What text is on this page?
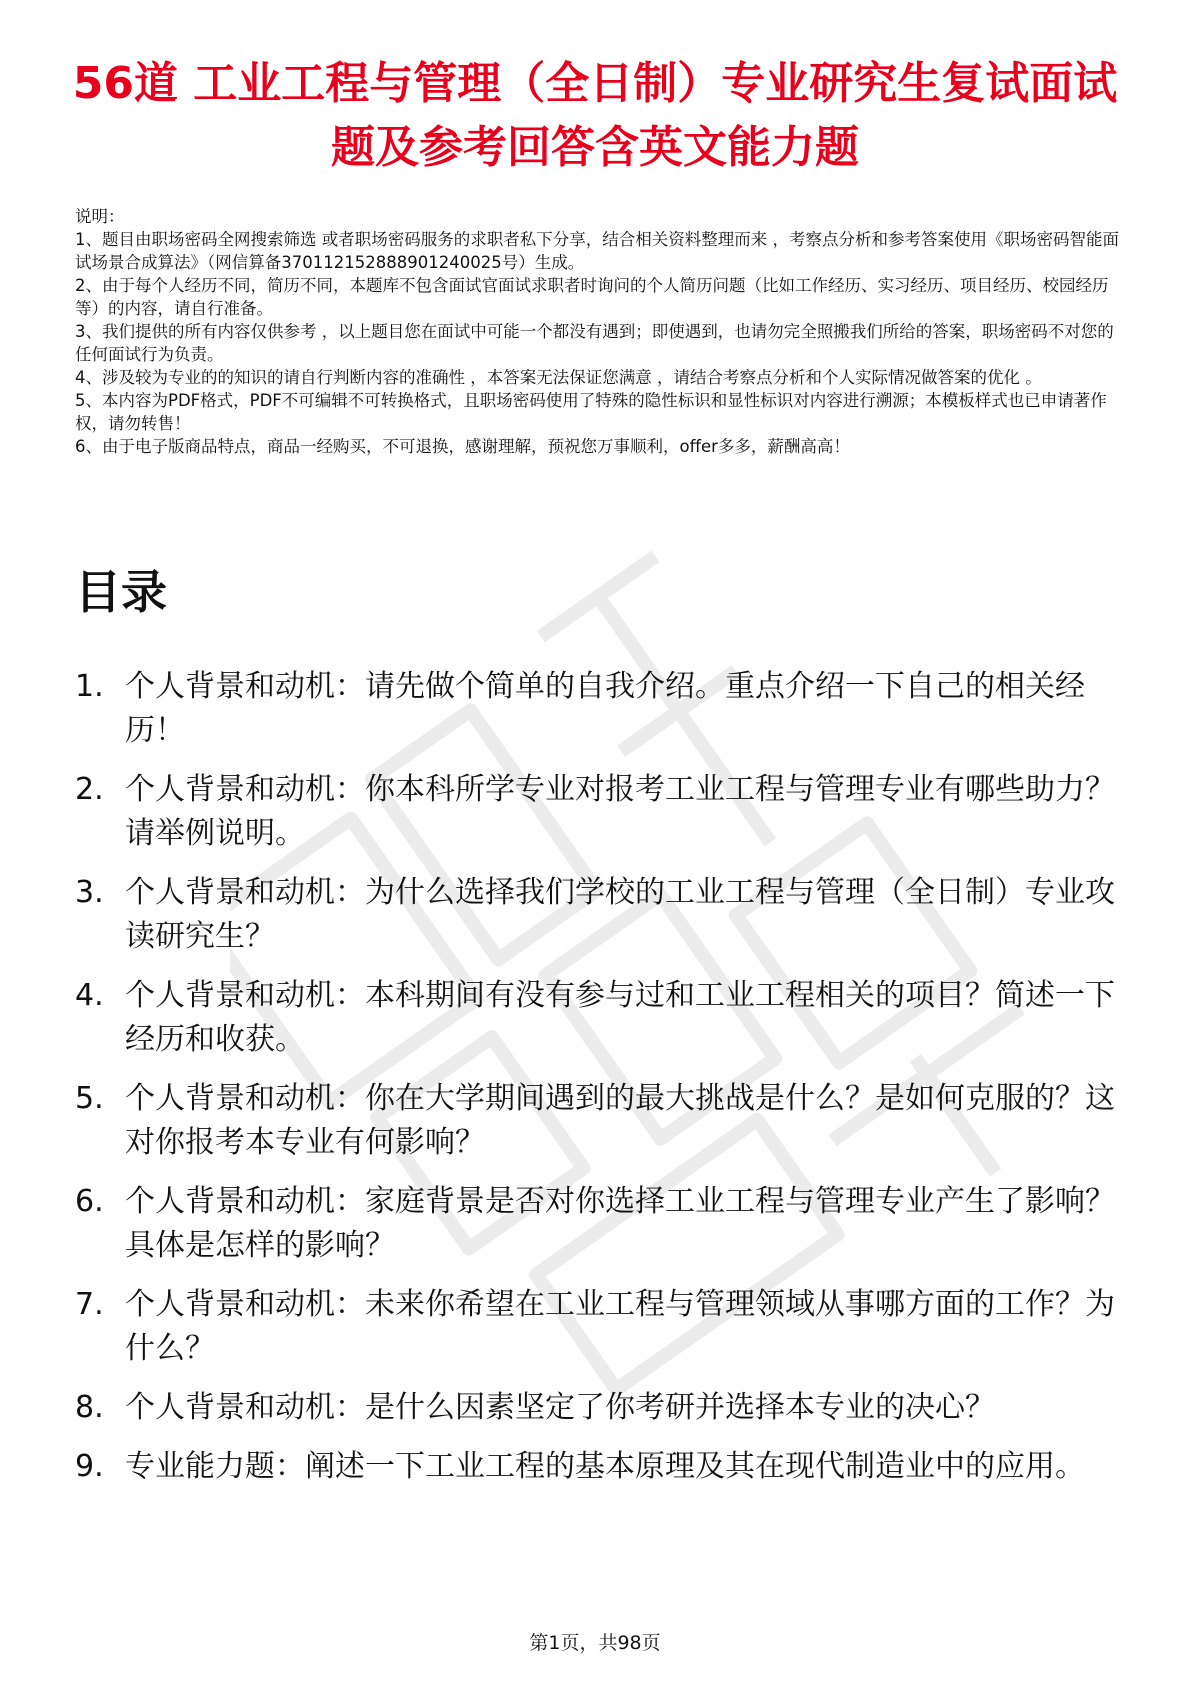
56道 工业工程与管理（全日制）专业研究生复试面试题及参考回答含英文能力题

说明：

1、题目由职场密码全网搜索筛选 或者职场密码服务的求职者私下分享，结合相关资料整理而来 ，考察点分析和参考答案使用《职场密码智能面试场景合成算法》（网信算备370112152888901240025号）生成。

2、由于每个人经历不同，简历不同，本题库不包含面试官面试求职者时询问的个人简历问题（比如工作经历、实习经历、项目经历、校园经历等）的内容，请自行准备。

3、我们提供的所有内容仅供参考 ，以上题目您在面试中可能一个都没有遇到；即使遇到，也请勿完全照搬我们所给的答案，职场密码不对您的任何面试行为负责。

4、涉及较为专业的的知识的请自行判断内容的准确性 ，本答案无法保证您满意 ，请结合考察点分析和个人实际情况做答案的优化 。

5、本内容为PDF格式，PDF不可编辑不可转换格式，且职场密码使用了特殊的隐性标识和显性标识对内容进行溯源；本模板样式也已申请著作权，请勿转售！

6、由于电子版商品特点，商品一经购买，不可退换，感谢理解，预祝您万事顺利，offer多多，薪酬高高！

目录
1. 个人背景和动机：请先做个简单的自我介绍。重点介绍一下自己的相关经历！
2. 个人背景和动机：你本科所学专业对报考工业工程与管理专业有哪些助力？请举例说明。
3. 个人背景和动机：为什么选择我们学校的工业工程与管理（全日制）专业攻读研究生？
4. 个人背景和动机：本科期间有没有参与过和工业工程相关的项目？简述一下经历和收获。
5. 个人背景和动机：你在大学期间遇到的最大挑战是什么？是如何克服的？这对你报考本专业有何影响？
6. 个人背景和动机：家庭背景是否对你选择工业工程与管理专业产生了影响？具体是怎样的影响？
7. 个人背景和动机：未来你希望在工业工程与管理领域从事哪方面的工作？为什么？
8. 个人背景和动机：是什么因素坚定了你考研并选择本专业的决心？
9. 专业能力题：阐述一下工业工程的基本原理及其在现代制造业中的应用。
第1页，共98页
